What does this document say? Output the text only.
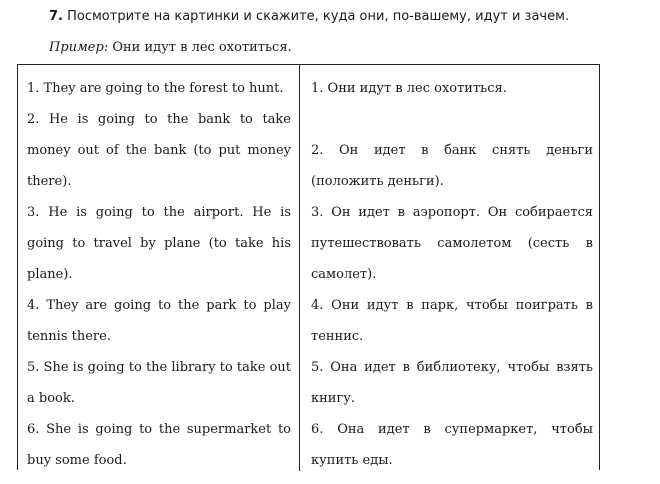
7. Посмотрите на картинки и скажите, куда они, по-вашему, идут и зачем.
Пример: Они идут в лес охотиться.
1. They are going to the forest to hunt.
2. He is going to the bank to take money out of the bank (to put money there).
3. He is going to the airport. He is going to travel by plane (to take his plane).
4. They are going to the park to play tennis there.
5. She is going to the library to take out a book.
6. She is going to the supermarket to buy some food.
1. Они идут в лес охотиться.
2. Он идет в банк снять деньги (положить деньги).
3. Он идет в аэропорт. Он собирается путешествовать самолетом (сесть в самолет).
4. Они идут в парк, чтобы поиграть в теннис.
5. Она идет в библиотеку, чтобы взять книгу.
6. Она идет в супермаркет, чтобы купить еды.
